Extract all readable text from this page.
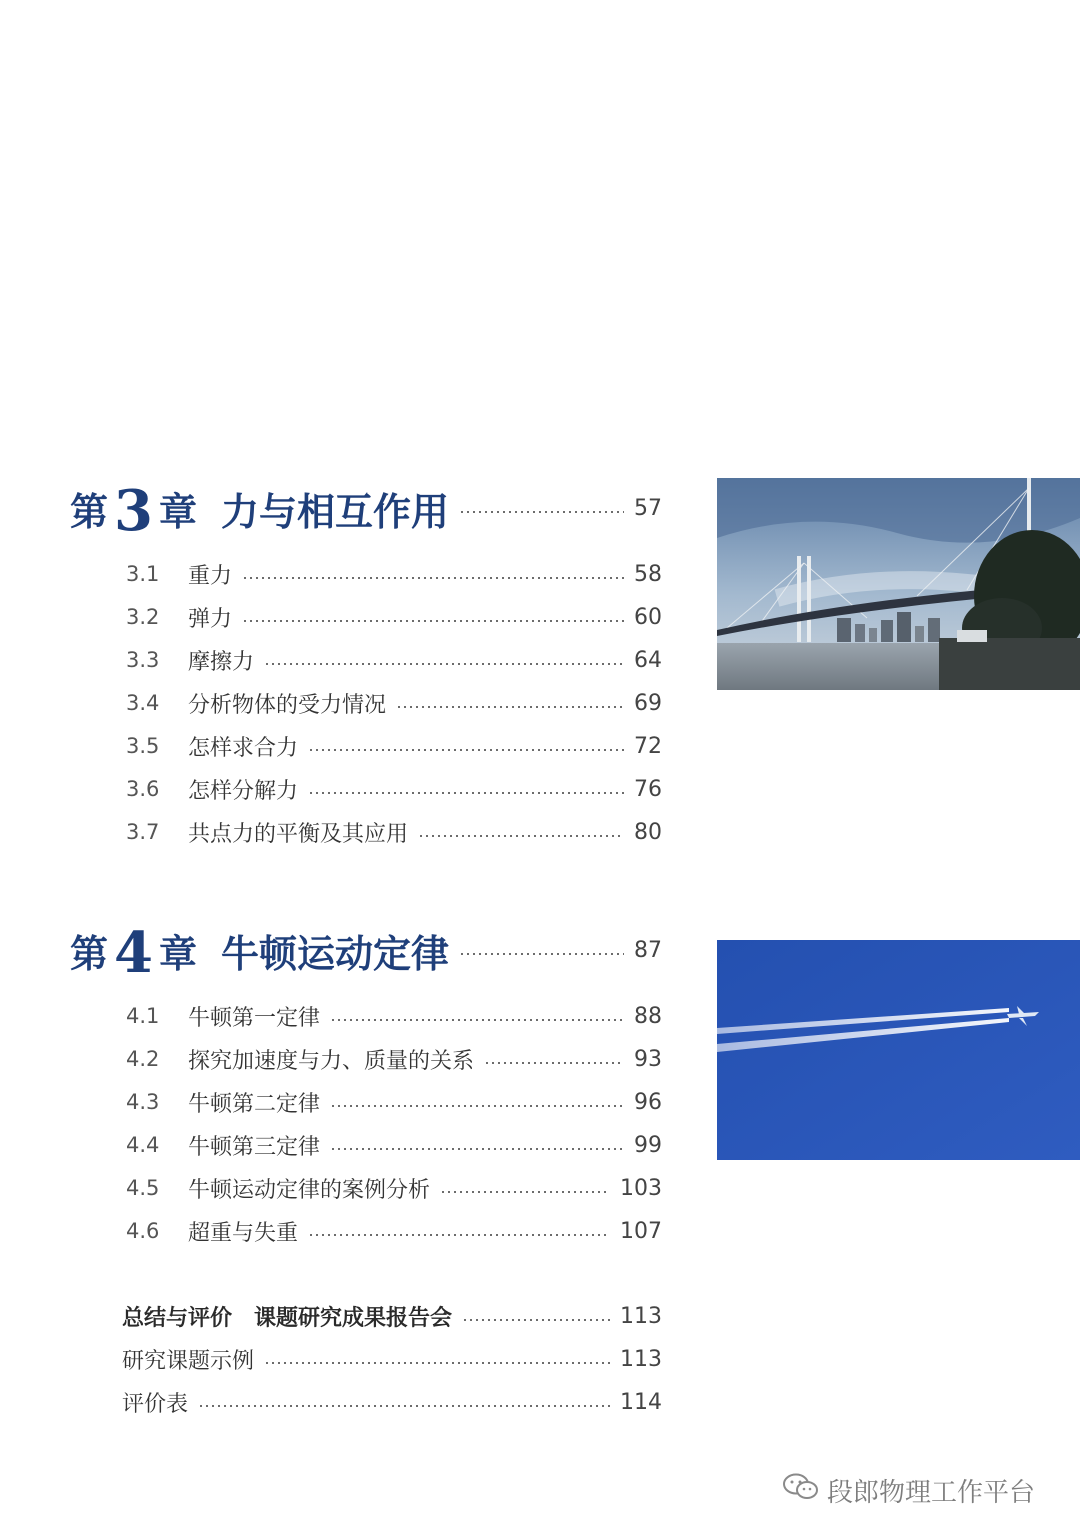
第 3 章 力与相互作用	57
3.1	重力	58
3.2	弹力	60
3.3	摩擦力	64
3.4	分析物体的受力情况	69
3.5	怎样求合力	72
3.6	怎样分解力	76
3.7	共点力的平衡及其应用	80
第 4 章 牛顿运动定律	87
4.1	牛顿第一定律	88
4.2	探究加速度与力、质量的关系	93
4.3	牛顿第二定律	96
4.4	牛顿第三定律	99
4.5	牛顿运动定律的案例分析	103
4.6	超重与失重	107
总结与评价　课题研究成果报告会	113
研究课题示例	113
评价表	114
段郎物理工作平台
